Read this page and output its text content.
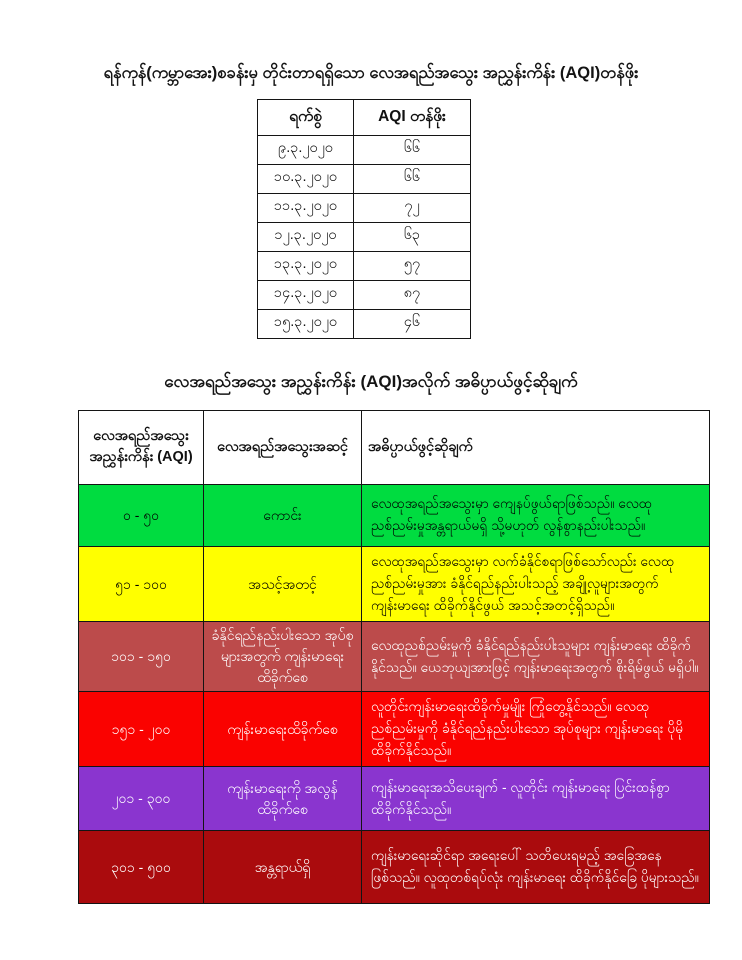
ရန်ကုန်(ကမ္ဘာအေး)စခန်းမှ တိုင်းတာရရှိသော လေအရည်အသွေး အညွှန်းကိန်း (AQI)တန်ဖိုး
ရက်စွဲ	AQI တန်ဖိုး
၉.၃.၂၀၂၀	၆၆
၁၀.၃.၂၀၂၀	၆၆
၁၁.၃.၂၀၂၀	၇၂
၁၂.၃.၂၀၂၀	၆၃
၁၃.၃.၂၀၂၀	၅၇
၁၄.၃.၂၀၂၀	၈၇
၁၅.၃.၂၀၂၀	၄၆
လေအရည်အသွေး အညွှန်းကိန်း (AQI)အလိုက် အဓိပ္ပာယ်ဖွင့်ဆိုချက်
လေအရည်အသွေး အညွှန်းကိန်း (AQI)	လေအရည်အသွေးအဆင့်	အဓိပ္ပာယ်ဖွင့်ဆိုချက်
၀ - ၅၀	ကောင်း	လေထုအရည်အသွေးမှာ ကျေနပ်ဖွယ်ရာဖြစ်သည်။ လေထုညစ်ညမ်းမှုအန္တရာယ်မရှိ သို့မဟုတ် လွန်စွာနည်းပါးသည်။
၅၁ - ၁၀၀	အသင့်အတင့်	လေထုအရည်အသွေးမှာ လက်ခံနိုင်စရာဖြစ်သော်လည်း လေထုညစ်ညမ်းမှုအား ခံနိုင်ရည်နည်းပါးသည့် အချို့လူများအတွက် ကျန်းမာရေး ထိခိုက်နိုင်ဖွယ် အသင့်အတင့်ရှိသည်။
၁၀၁ - ၁၅၀	ခံနိုင်ရည်နည်းပါးသော အုပ်စုများအတွက် ကျန်းမာရေးထိခိုက်စေ	လေထုညစ်ညမ်းမှုကို ခံနိုင်ရည်နည်းပါးသူများ ကျန်းမာရေး ထိခိုက်နိုင်သည်။ ယေဘုယျအားဖြင့် ကျန်းမာရေးအတွက် စိုးရိမ်ဖွယ် မရှိပါ။
၁၅၁ - ၂၀၀	ကျန်းမာရေးထိခိုက်စေ	လူတိုင်းကျန်းမာရေးထိခိုက်မှုမျိုး ကြုံတွေ့နိုင်သည်။ လေထုညစ်ညမ်းမှုကို ခံနိုင်ရည်နည်းပါးသော အုပ်စုများ ကျန်းမာရေး ပိုမိုထိခိုက်နိုင်သည်။
၂၀၁ - ၃၀၀	ကျန်းမာရေးကို အလွန်ထိခိုက်စေ	ကျန်းမာရေးအသိပေးချက် - လူတိုင်း ကျန်းမာရေး ပြင်းထန်စွာ ထိခိုက်နိုင်သည်။
၃၀၁ - ၅၀၀	အန္တရာယ်ရှိ	ကျန်းမာရေးဆိုင်ရာ အရေးပေါ် သတိပေးရမည့် အခြေအနေဖြစ်သည်။ လူထုတစ်ရပ်လုံး ကျန်းမာရေး ထိခိုက်နိုင်ခြေ ပိုများသည်။
